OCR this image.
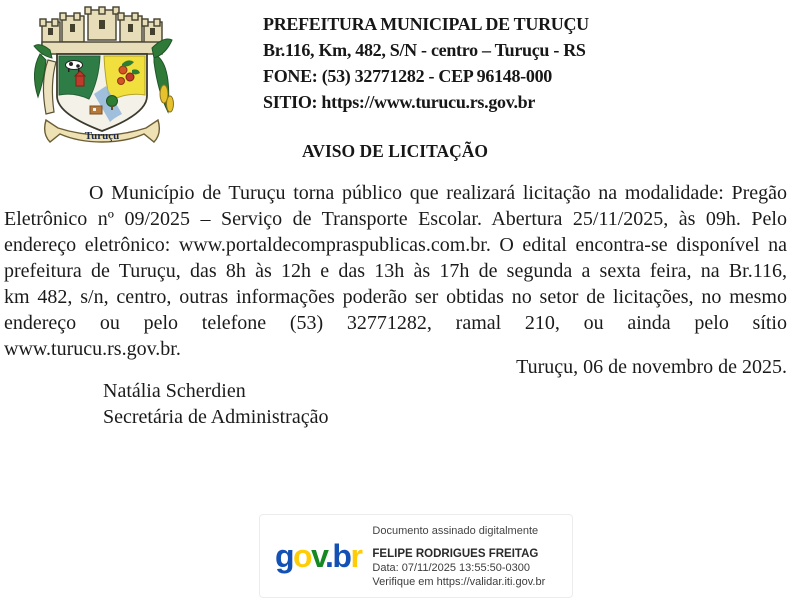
Turuçu
PREFEITURA MUNICIPAL DE TURUÇU
Br.116, Km, 482, S/N - centro – Turuçu - RS
FONE: (53) 32771282 - CEP 96148-000
SITIO: https://www.turucu.rs.gov.br
AVISO DE LICITAÇÃO

O Município de Turuçu torna público que realizará licitação na modalidade: Pregão Eletrônico nº 09/2025 – Serviço de Transporte Escolar. Abertura 25/11/2025, às 09h. Pelo endereço eletrônico: www.portaldecompraspublicas.com.br. O edital encontra-se disponível na prefeitura de Turuçu, das 8h às 12h e das 13h às 17h de segunda a sexta feira, na Br.116, km 482, s/n, centro, outras informações poderão ser obtidas no setor de licitações, no mesmo endereço ou pelo telefone (53) 32771282, ramal 210, ou ainda pelo sítio www.turucu.rs.gov.br.

Turuçu, 06 de novembro de 2025.
Natália Scherdien
Secretária de Administração
gov.br
Documento assinado digitalmente
FELIPE RODRIGUES FREITAG
Data: 07/11/2025 13:55:50-0300
Verifique em https://validar.iti.gov.br
